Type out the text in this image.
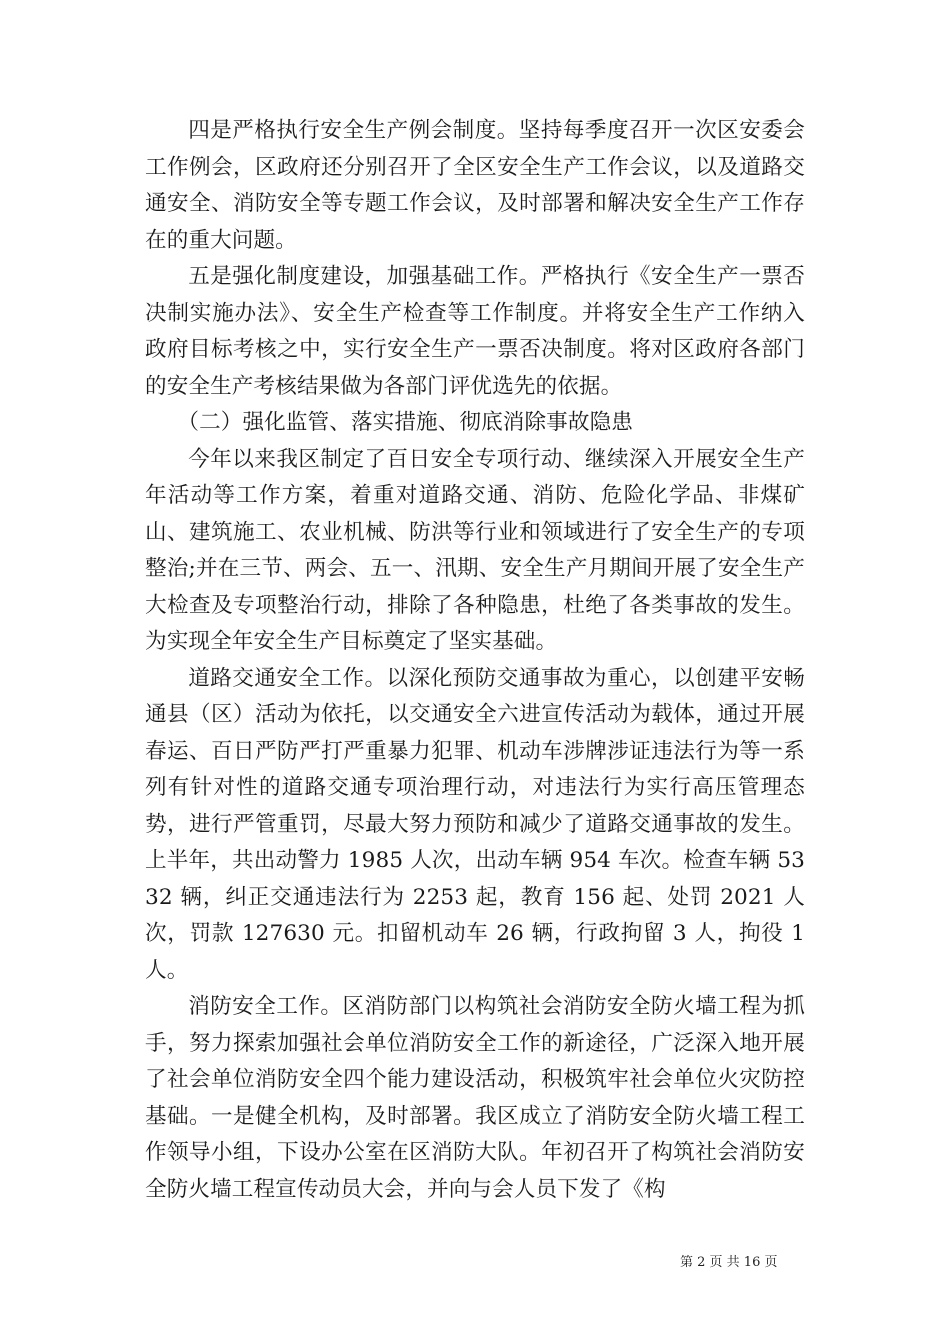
四是严格执行安全生产例会制度。坚持每季度召开一次区安委会工作例会，区政府还分别召开了全区安全生产工作会议，以及道路交通安全、消防安全等专题工作会议，及时部署和解决安全生产工作存在的重大问题。

五是强化制度建设，加强基础工作。严格执行《安全生产一票否决制实施办法》、安全生产检查等工作制度。并将安全生产工作纳入政府目标考核之中，实行安全生产一票否决制度。将对区政府各部门的安全生产考核结果做为各部门评优选先的依据。

（二）强化监管、落实措施、彻底消除事故隐患

今年以来我区制定了百日安全专项行动、继续深入开展安全生产年活动等工作方案，着重对道路交通、消防、危险化学品、非煤矿山、建筑施工、农业机械、防洪等行业和领域进行了安全生产的专项整治;并在三节、两会、五一、汛期、安全生产月期间开展了安全生产大检查及专项整治行动，排除了各种隐患，杜绝了各类事故的发生。为实现全年安全生产目标奠定了坚实基础。

道路交通安全工作。以深化预防交通事故为重心，以创建平安畅通县（区）活动为依托，以交通安全六进宣传活动为载体，通过开展春运、百日严防严打严重暴力犯罪、机动车涉牌涉证违法行为等一系列有针对性的道路交通专项治理行动，对违法行为实行高压管理态势，进行严管重罚，尽最大努力预防和减少了道路交通事故的发生。上半年，共出动警力 1985 人次，出动车辆 954 车次。检查车辆 5332 辆，纠正交通违法行为 2253 起，教育 156 起、处罚 2021 人次，罚款 127630 元。扣留机动车 26 辆，行政拘留 3 人，拘役 1 人。

消防安全工作。区消防部门以构筑社会消防安全防火墙工程为抓手，努力探索加强社会单位消防安全工作的新途径，广泛深入地开展了社会单位消防安全四个能力建设活动，积极筑牢社会单位火灾防控基础。一是健全机构，及时部署。我区成立了消防安全防火墙工程工作领导小组，下设办公室在区消防大队。年初召开了构筑社会消防安全防火墙工程宣传动员大会，并向与会人员下发了《构

第 2 页 共 16 页
